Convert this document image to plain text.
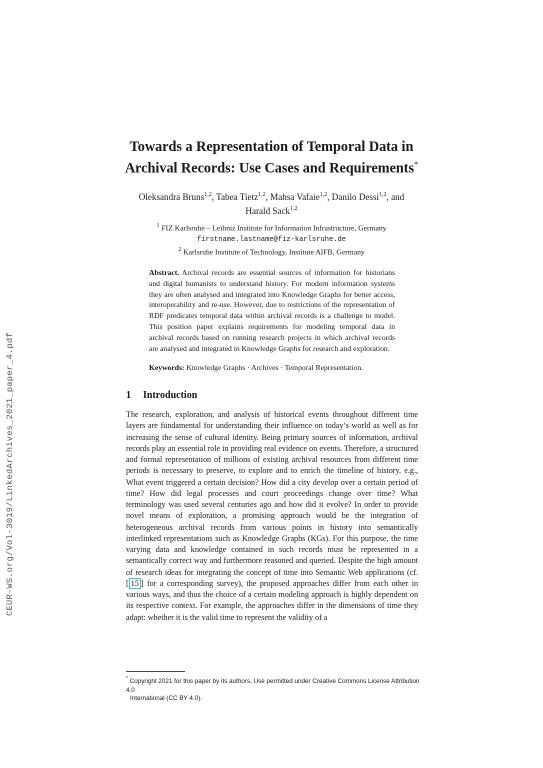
CEUR-WS.org/Vol-3019/LinkedArchives_2021_paper_4.pdf
Towards a Representation of Temporal Data in
Archival Records: Use Cases and Requirements*
Oleksandra Bruns$^{1,2}$, Tabea Tietz$^{1,2}$, Mahsa Vafaie$^{1,2}$, Danilo Dessì$^{1,2}$, and
Harald Sack$^{1,2}$
$^1$ FIZ Karlsruhe – Leibniz Institute for Information Infrastructure, Germany
firstname.lastname@fiz-karlsruhe.de
$^2$ Karlsruhe Institute of Technology, Institute AIFB, Germany
Abstract. Archival records are essential sources of information for historians and digital humanists to understand history. For modern information systems they are often analysed and integrated into Knowledge Graphs for better access, interoperability and re-use. However, due to restrictions of the representation of RDF predicates temporal data within archival records is a challenge to model. This position paper explains requirements for modeling temporal data in archival records based on running research projects in which archival records are analysed and integrated in Knowledge Graphs for research and exploration.
Keywords: Knowledge Graphs · Archives · Temporal Representation.
1 Introduction
The research, exploration, and analysis of historical events throughout different time layers are fundamental for understanding their influence on today’s world as well as for increasing the sense of cultural identity. Being primary sources of information, archival records play an essential role in providing real evidence on events. Therefore, a structured and formal representation of millions of existing archival resources from different time periods is necessary to preserve, to explore and to enrich the timeline of history, e.g., What event triggered a certain decision? How did a city develop over a certain period of time? How did legal processes and court proceedings change over time? What terminology was used several centuries ago and how did it evolve? In order to provide novel means of exploration, a promising approach would be the integration of heterogeneous archival records from various points in history into semantically interlinked representations such as Knowledge Graphs (KGs). For this purpose, the time varying data and knowledge contained in such records must be represented in a semantically correct way and furthermore reasoned and queried. Despite the high amount of research ideas for integrating the concept of time into Semantic Web applications (cf. [ 15 ] for a corresponding survey), the proposed approaches differ from each other in various ways, and thus the choice of a certain modeling approach is highly dependent on its respective context. For example, the approaches differ in the dimensions of time they adapt: whether it is the valid time to represent the validity of a
* Copyright 2021 for this paper by its authors. Use permitted under Creative Commons License Attribution 4.0
International (CC BY 4.0).
